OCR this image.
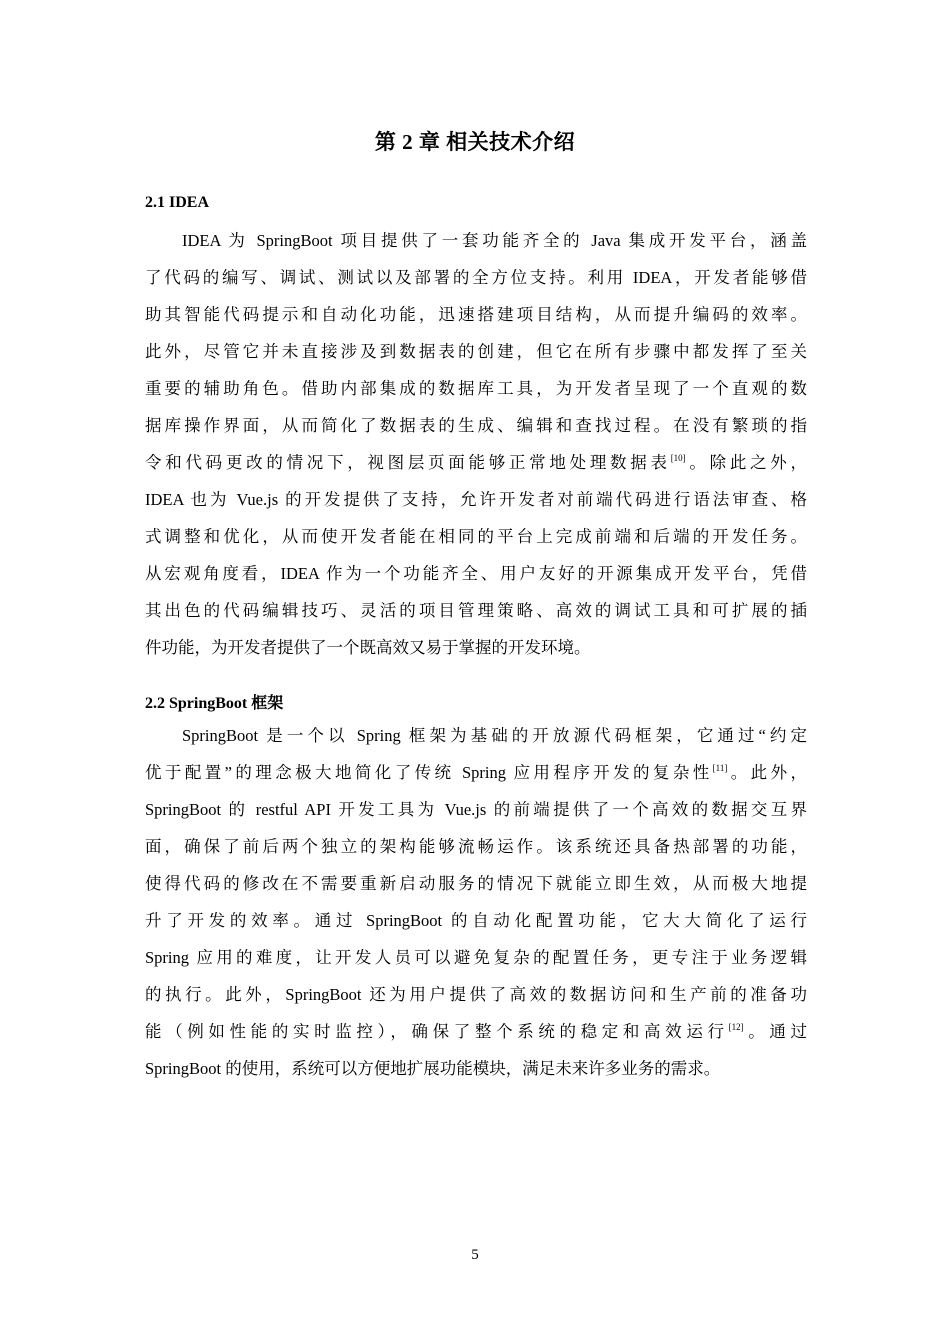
第 2 章 相关技术介绍
2.1 IDEA
IDEA 为 SpringBoot 项目提供了一套功能齐全的 Java 集成开发平台，涵盖
了代码的编写、调试、测试以及部署的全方位支持。利用 IDEA，开发者能够借
助其智能代码提示和自动化功能，迅速搭建项目结构，从而提升编码的效率。
此外，尽管它并未直接涉及到数据表的创建，但它在所有步骤中都发挥了至关
重要的辅助角色。借助内部集成的数据库工具，为开发者呈现了一个直观的数
据库操作界面，从而简化了数据表的生成、编辑和查找过程。在没有繁琐的指
令和代码更改的情况下，视图层页面能够正常地处理数据表[10]。除此之外，
IDEA 也为 Vue.js 的开发提供了支持，允许开发者对前端代码进行语法审查、格
式调整和优化，从而使开发者能在相同的平台上完成前端和后端的开发任务。
从宏观角度看，IDEA 作为一个功能齐全、用户友好的开源集成开发平台，凭借
其出色的代码编辑技巧、灵活的项目管理策略、高效的调试工具和可扩展的插
件功能，为开发者提供了一个既高效又易于掌握的开发环境。
2.2 SpringBoot 框架
SpringBoot 是一个以 Spring 框架为基础的开放源代码框架，它通过“约定
优于配置”的理念极大地简化了传统 Spring 应用程序开发的复杂性[11]。此外，
SpringBoot 的 restful API 开发工具为 Vue.js 的前端提供了一个高效的数据交互界
面，确保了前后两个独立的架构能够流畅运作。该系统还具备热部署的功能，
使得代码的修改在不需要重新启动服务的情况下就能立即生效，从而极大地提
升了开发的效率。通过 SpringBoot 的自动化配置功能，它大大简化了运行
Spring 应用的难度，让开发人员可以避免复杂的配置任务，更专注于业务逻辑
的执行。此外，SpringBoot 还为用户提供了高效的数据访问和生产前的准备功
能（例如性能的实时监控），确保了整个系统的稳定和高效运行[12]。通过
SpringBoot 的使用，系统可以方便地扩展功能模块，满足未来许多业务的需求。
5
